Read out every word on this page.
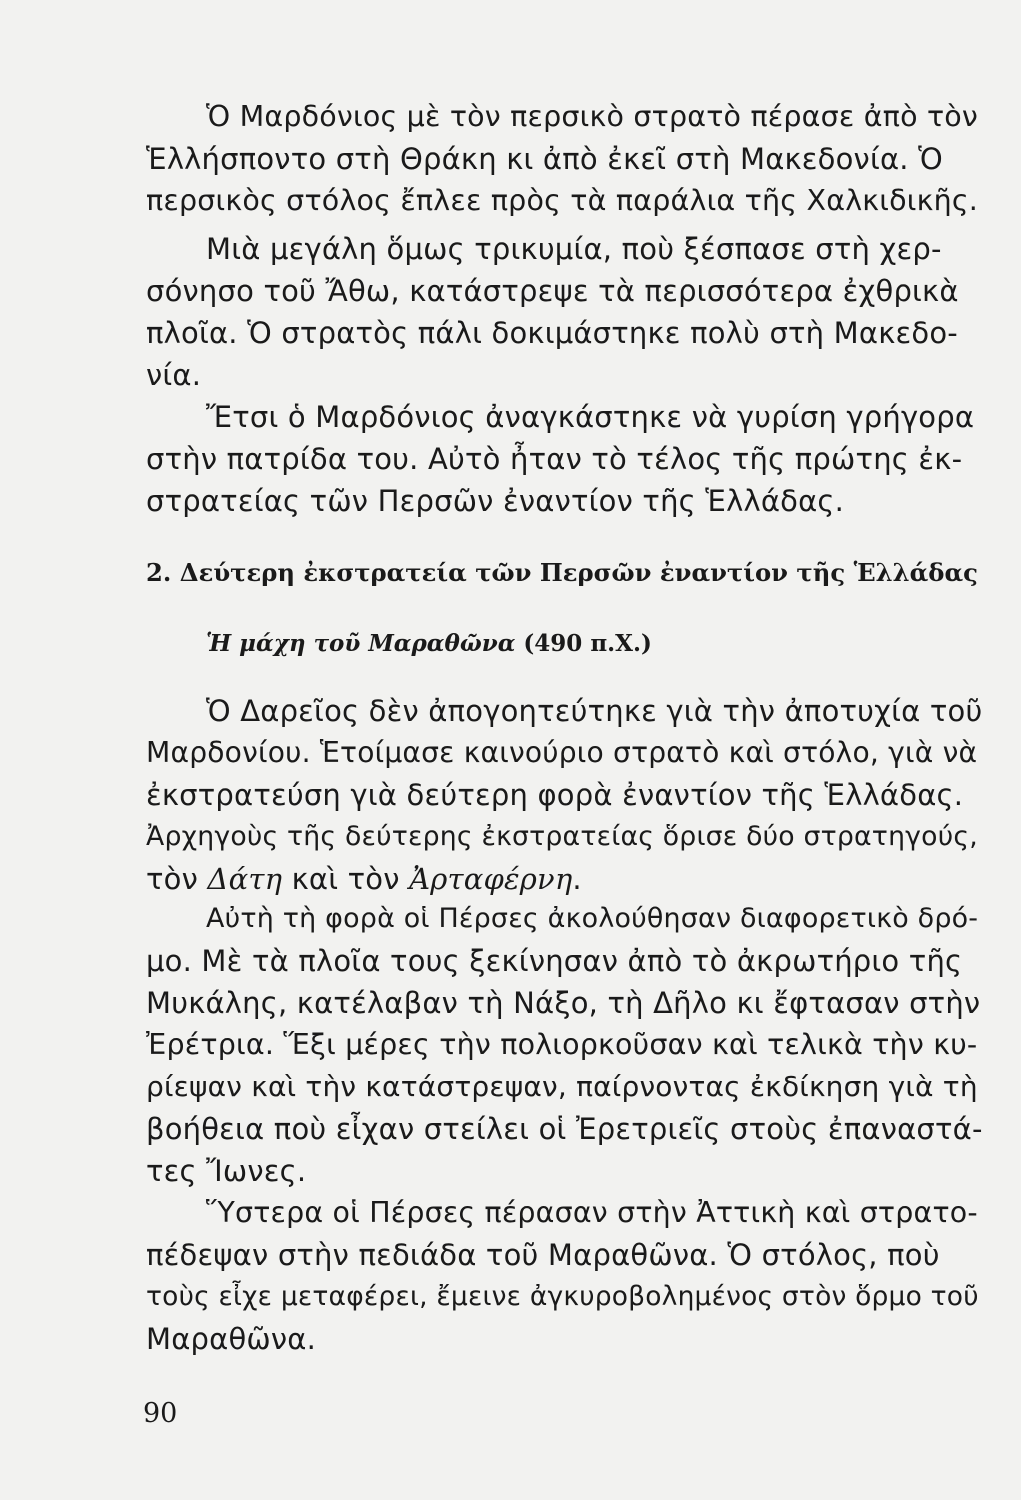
Ὁ Μαρδόνιος μὲ τὸν περσικὸ στρατὸ πέρασε ἀπὸ τὸν
Ἑλλήσποντο στὴ Θράκη κι ἀπὸ ἐκεῖ στὴ Μακεδονία. Ὁ
περσικὸς στόλος ἔπλεε πρὸς τὰ παράλια τῆς Χαλκιδικῆς.
Μιὰ μεγάλη ὅμως τρικυμία, ποὺ ξέσπασε στὴ χερ-
σόνησο τοῦ Ἄθω, κατάστρεψε τὰ περισσότερα ἐχθρικὰ
πλοῖα. Ὁ στρατὸς πάλι δοκιμάστηκε πολὺ στὴ Μακεδο-
νία.
Ἔτσι ὁ Μαρδόνιος ἀναγκάστηκε νὰ γυρίση γρήγορα
στὴν πατρίδα του. Αὐτὸ ἦταν τὸ τέλος τῆς πρώτης ἐκ-
στρατείας τῶν Περσῶν ἐναντίον τῆς Ἑλλάδας.
2. Δεύτερη ἐκστρατεία τῶν Περσῶν ἐναντίον τῆς Ἑλλάδας
Ἡ μάχη τοῦ Μαραθῶνα (490 π.Χ.)
Ὁ Δαρεῖος δὲν ἀπογοητεύτηκε γιὰ τὴν ἀποτυχία τοῦ
Μαρδονίου. Ἑτοίμασε καινούριο στρατὸ καὶ στόλο, γιὰ νὰ
ἐκστρατεύση γιὰ δεύτερη φορὰ ἐναντίον τῆς Ἑλλάδας.
Ἀρχηγοὺς τῆς δεύτερης ἐκστρατείας ὅρισε δύο στρατηγούς,
τὸν Δάτη καὶ τὸν Ἀρταφέρνη.
Αὐτὴ τὴ φορὰ οἱ Πέρσες ἀκολούθησαν διαφορετικὸ δρό-
μο. Μὲ τὰ πλοῖα τους ξεκίνησαν ἀπὸ τὸ ἀκρωτήριο τῆς
Μυκάλης, κατέλαβαν τὴ Νάξο, τὴ Δῆλο κι ἔφτασαν στὴν
Ἐρέτρια. Ἕξι μέρες τὴν πολιορκοῦσαν καὶ τελικὰ τὴν κυ-
ρίεψαν καὶ τὴν κατάστρεψαν, παίρνοντας ἐκδίκηση γιὰ τὴ
βοήθεια ποὺ εἶχαν στείλει οἱ Ἐρετριεῖς στοὺς ἐπαναστά-
τες Ἴωνες.
Ὕστερα οἱ Πέρσες πέρασαν στὴν Ἀττικὴ καὶ στρατο-
πέδεψαν στὴν πεδιάδα τοῦ Μαραθῶνα. Ὁ στόλος, ποὺ
τοὺς εἶχε μεταφέρει, ἔμεινε ἀγκυροβολημένος στὸν ὅρμο τοῦ
Μαραθῶνα.
90
